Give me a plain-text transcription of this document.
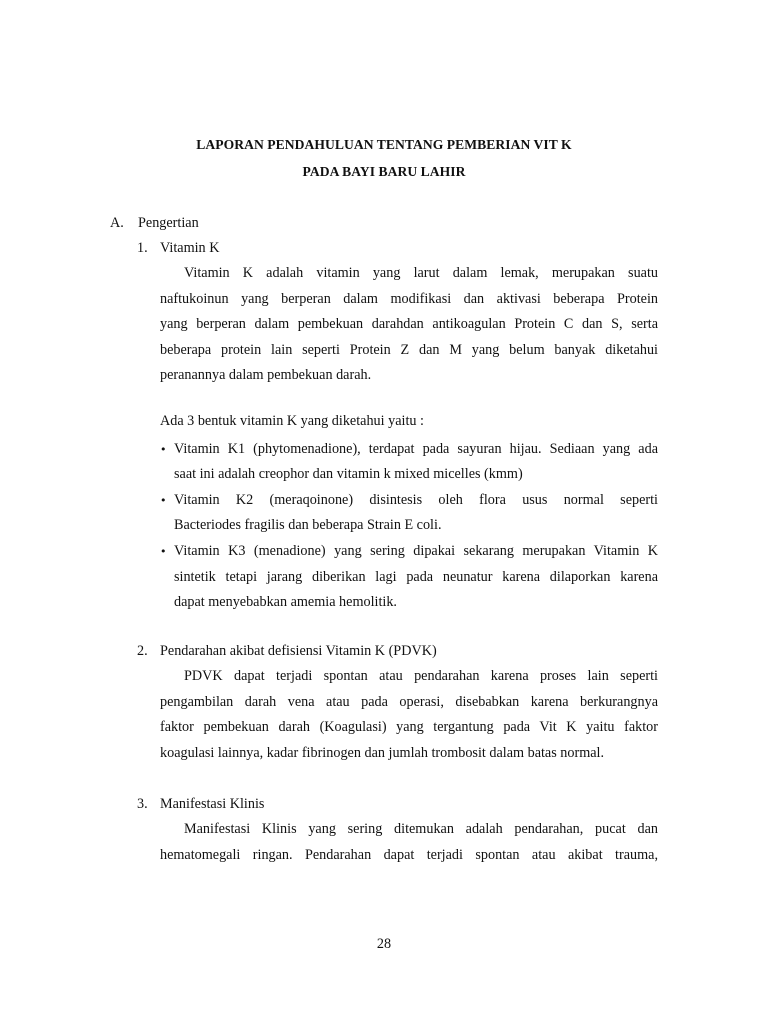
LAPORAN PENDAHULUAN TENTANG PEMBERIAN VIT K
PADA BAYI BARU LAHIR
A. Pengertian
1. Vitamin K
Vitamin K adalah vitamin yang larut dalam lemak, merupakan suatu
naftukoinun yang berperan dalam modifikasi dan aktivasi beberapa Protein
yang berperan dalam pembekuan darahdan antikoagulan Protein C dan S, serta
beberapa protein lain seperti Protein Z dan M yang belum banyak diketahui
peranannya dalam pembekuan darah.
Ada 3 bentuk vitamin K yang diketahui yaitu :
• Vitamin K1 (phytomenadione), terdapat pada sayuran hijau. Sediaan yang ada
saat ini adalah creophor dan vitamin k mixed micelles (kmm)
• Vitamin K2 (meraqoinone) disintesis oleh flora usus normal seperti
Bacteriodes fragilis dan beberapa Strain E coli.
• Vitamin K3 (menadione) yang sering dipakai sekarang merupakan Vitamin K
sintetik tetapi jarang diberikan lagi pada neunatur karena dilaporkan karena
dapat menyebabkan amemia hemolitik.
2. Pendarahan akibat defisiensi Vitamin K (PDVK)
PDVK dapat terjadi spontan atau pendarahan karena proses lain seperti
pengambilan darah vena atau pada operasi, disebabkan karena berkurangnya
faktor pembekuan darah (Koagulasi) yang tergantung pada Vit K yaitu faktor
koagulasi lainnya, kadar fibrinogen dan jumlah trombosit dalam batas normal.
3. Manifestasi Klinis
Manifestasi Klinis yang sering ditemukan adalah pendarahan, pucat dan
hematomegali ringan. Pendarahan dapat terjadi spontan atau akibat trauma,
28
